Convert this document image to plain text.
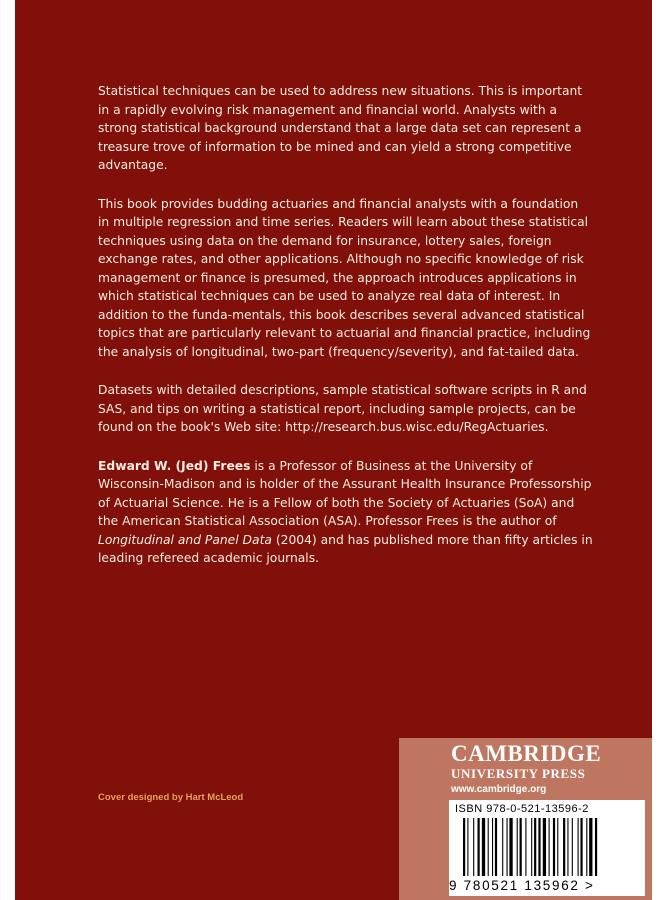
Statistical techniques can be used to address new situations. This is important in a rapidly evolving risk management and financial world. Analysts with a strong statistical background understand that a large data set can represent a treasure trove of information to be mined and can yield a strong competitive advantage.

This book provides budding actuaries and financial analysts with a foundation in multiple regression and time series. Readers will learn about these statistical techniques using data on the demand for insurance, lottery sales, foreign exchange rates, and other applications. Although no specific knowledge of risk management or finance is presumed, the approach introduces applications in which statistical techniques can be used to analyze real data of interest. In addition to the funda-mentals, this book describes several advanced statistical topics that are particularly relevant to actuarial and financial practice, including the analysis of longitudinal, two-part (frequency/severity), and fat-tailed data.

Datasets with detailed descriptions, sample statistical software scripts in R and SAS, and tips on writing a statistical report, including sample projects, can be found on the book's Web site: http://research.bus.wisc.edu/RegActuaries.

Edward W. (Jed) Frees is a Professor of Business at the University of Wisconsin-Madison and is holder of the Assurant Health Insurance Professorship of Actuarial Science. He is a Fellow of both the Society of Actuaries (SoA) and the American Statistical Association (ASA). Professor Frees is the author of Longitudinal and Panel Data (2004) and has published more than fifty articles in leading refereed academic journals.

Cover designed by Hart McLeod
CAMBRIDGE
UNIVERSITY PRESS
www.cambridge.org
ISBN 978-0-521-13596-2
9 780521 135962 >
